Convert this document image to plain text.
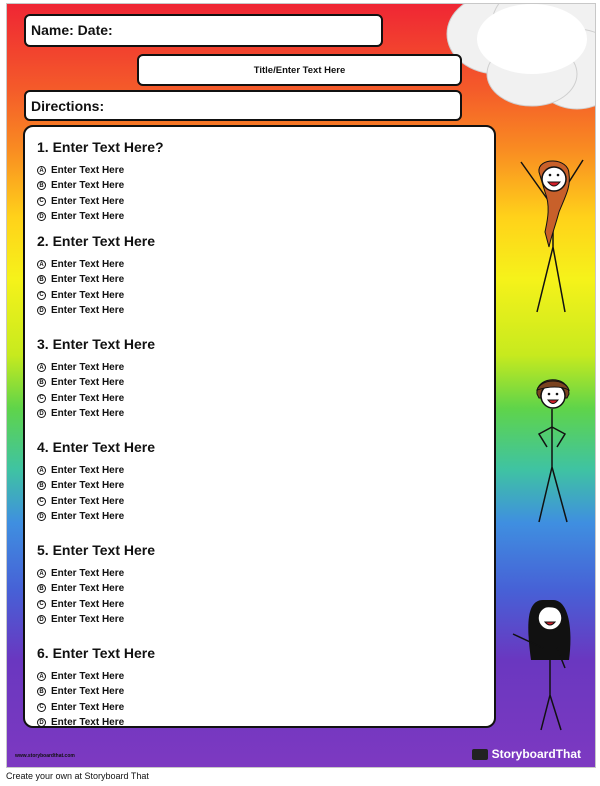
Name: Date:
Title/Enter Text Here
Directions:
1. Enter Text Here?
A Enter Text Here
B Enter Text Here
C Enter Text Here
D Enter Text Here
2. Enter Text Here
A Enter Text Here
B Enter Text Here
C Enter Text Here
D Enter Text Here
3. Enter Text Here
A Enter Text Here
B Enter Text Here
C Enter Text Here
D Enter Text Here
4. Enter Text Here
A Enter Text Here
B Enter Text Here
C Enter Text Here
D Enter Text Here
5. Enter Text Here
A Enter Text Here
B Enter Text Here
C Enter Text Here
D Enter Text Here
6. Enter Text Here
A Enter Text Here
B Enter Text Here
C Enter Text Here
D Enter Text Here
www.storyboardthat.com	StoryboardThat
Create your own at Storyboard That
